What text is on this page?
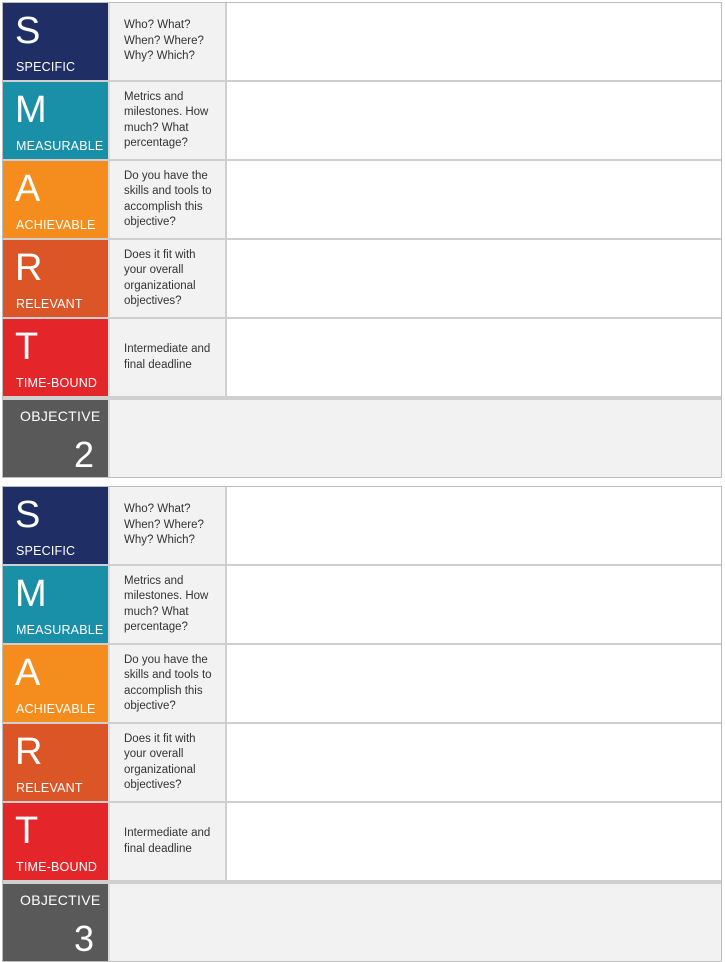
S
SPECIFIC
Who? What? When? Where? Why? Which?
M
MEASURABLE
Metrics and milestones. How much? What percentage?
A
ACHIEVABLE
Do you have the skills and tools to accomplish this objective?
R
RELEVANT
Does it fit with your overall organizational objectives?
T
TIME-BOUND
Intermediate and final deadline
OBJECTIVE
2
S
SPECIFIC
Who? What? When? Where? Why? Which?
M
MEASURABLE
Metrics and milestones. How much? What percentage?
A
ACHIEVABLE
Do you have the skills and tools to accomplish this objective?
R
RELEVANT
Does it fit with your overall organizational objectives?
T
TIME-BOUND
Intermediate and final deadline
OBJECTIVE
3
